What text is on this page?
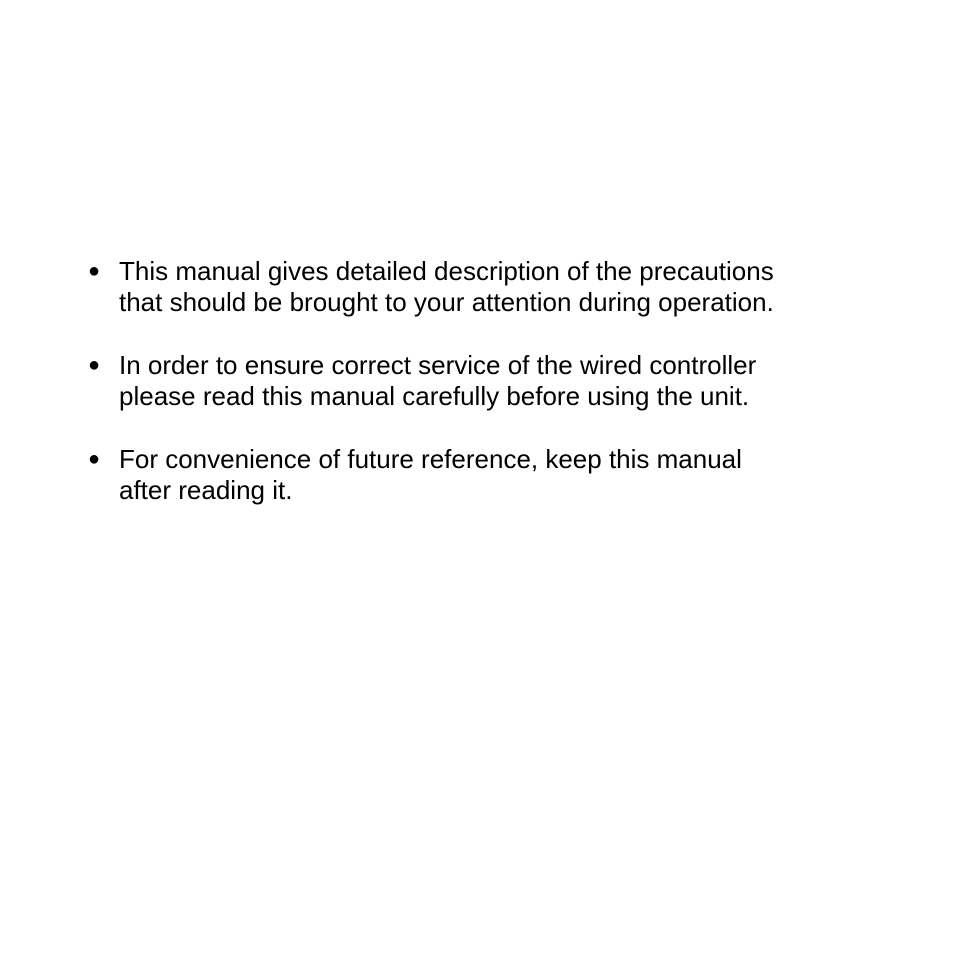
● This manual gives detailed description of the precautions
that should be brought to your attention during operation.
● In order to ensure correct service of the wired controller
please read this manual carefully before using the unit.
● For convenience of future reference, keep this manual
after reading it.
